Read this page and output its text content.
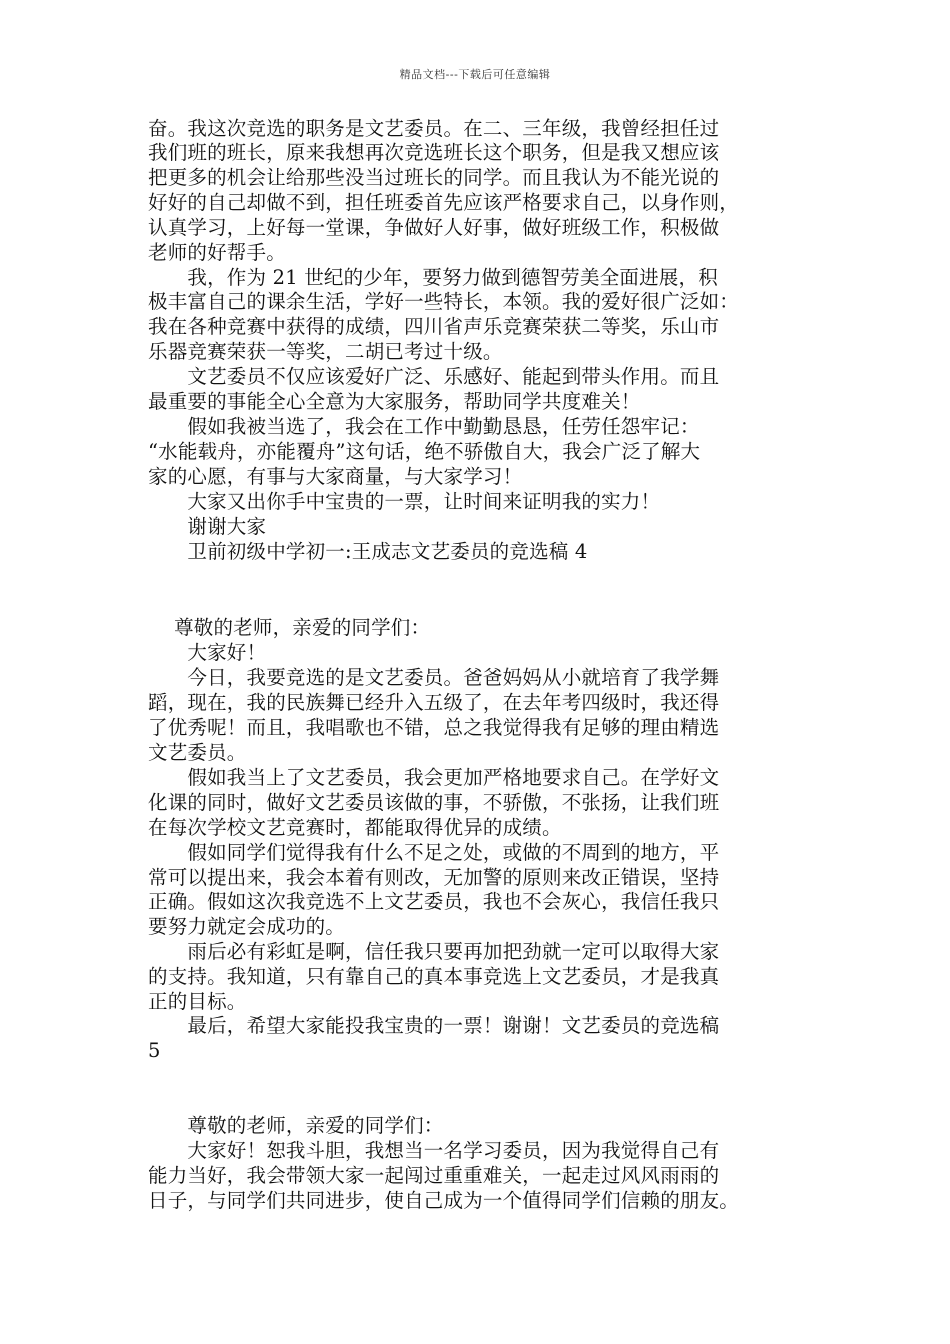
精品文档---下载后可任意编辑
奋。我这次竞选的职务是文艺委员。在二、三年级，我曾经担任过
我们班的班长，原来我想再次竞选班长这个职务，但是我又想应该
把更多的机会让给那些没当过班长的同学。而且我认为不能光说的
好好的自己却做不到，担任班委首先应该严格要求自己，以身作则，
认真学习，上好每一堂课，争做好人好事，做好班级工作，积极做
老师的好帮手。
　　我，作为 21 世纪的少年，要努力做到德智劳美全面进展，积
极丰富自己的课余生活，学好一些特长，本领。我的爱好很广泛如：
我在各种竞赛中获得的成绩，四川省声乐竞赛荣获二等奖，乐山市
乐器竞赛荣获一等奖，二胡已考过十级。
　　文艺委员不仅应该爱好广泛、乐感好、能起到带头作用。而且
最重要的事能全心全意为大家服务，帮助同学共度难关！
　　假如我被当选了，我会在工作中勤勤恳恳，任劳任怨牢记：
“水能载舟，亦能覆舟”这句话，绝不骄傲自大，我会广泛了解大
家的心愿，有事与大家商量，与大家学习！
　　大家又出你手中宝贵的一票，让时间来证明我的实力！
　　谢谢大家
　　卫前初级中学初一:王成志文艺委员的竞选稿 4
　 尊敬的老师，亲爱的同学们：
　　大家好！
　　今日，我要竞选的是文艺委员。爸爸妈妈从小就培育了我学舞
蹈，现在，我的民族舞已经升入五级了，在去年考四级时，我还得
了优秀呢！而且，我唱歌也不错，总之我觉得我有足够的理由精选
文艺委员。
　　假如我当上了文艺委员，我会更加严格地要求自己。在学好文
化课的同时，做好文艺委员该做的事，不骄傲，不张扬，让我们班
在每次学校文艺竞赛时，都能取得优异的成绩。
　　假如同学们觉得我有什么不足之处，或做的不周到的地方，平
常可以提出来，我会本着有则改，无加警的原则来改正错误，坚持
正确。假如这次我竞选不上文艺委员，我也不会灰心，我信任我只
要努力就定会成功的。
　　雨后必有彩虹是啊，信任我只要再加把劲就一定可以取得大家
的支持。我知道，只有靠自己的真本事竞选上文艺委员，才是我真
正的目标。
　　最后，希望大家能投我宝贵的一票！谢谢！文艺委员的竞选稿
5
　　尊敬的老师，亲爱的同学们：
　　大家好！恕我斗胆，我想当一名学习委员，因为我觉得自己有
能力当好，我会带领大家一起闯过重重难关，一起走过风风雨雨的
日子，与同学们共同进步，使自己成为一个值得同学们信赖的朋友。
